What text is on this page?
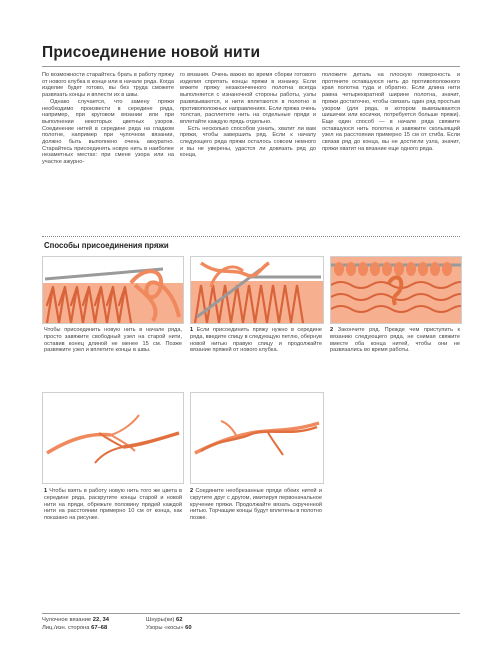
Присоединение новой нити

По возможности старайтесь брать в работу пряжу от нового клубка в конце или в начале ряда. Когда изделие будет готово, вы без труда сможете развязать концы и вплести их в швы.

Однако случается, что замену пряжи необходимо произвести в середине ряда, например, при круговом вязании или при выполнении некоторых цветных узоров. Соединение нитей в середине ряда на гладком полотне, например при чулочном вязании, должно быть выполнено очень аккуратно. Старайтесь присоединять новую нить в наиболее незаметных местах: при смене узора или на участке ажурно-

го вязания. Очень важно во время сборки готового изделия спрятать концы пряжи в изнанку. Если вяжете пряжу незаконченного полотна всегда выполняется с изнаночной стороны работы, узлы развязываются, и нити вплетаются в полотно в противоположных направлениях. Если пряжа очень толстая, расплетите нить на отдельные пряди и вплетайте каждую прядь отдельно.

Есть несколько способов узнать, хватит ли вам пряжи, чтобы завершить ряд. Если к началу следующего ряда пряжи осталось совсем немного и вы не уверены, удастся ли довязать ряд до конца,

положите деталь на плоскую поверхность и протяните оставшуюся нить до противоположного края полотна туда и обратно. Если длина нити равна четырехкратной ширине полотна, значит, пряжи достаточно, чтобы связать один ряд простым узором (для ряда, в котором вывязываются шишечки или косички, потребуется больше пряжи). Еще один способ — в начале ряда свяжите оставшуюся нить полотна и завяжите скользящий узел на расстоянии примерно 15 см от стиба. Если связав ряд до конца, вы не достигли узла, значит, пряжи хватит на вязание еще одного ряда.

Способы присоединения пряжи

Чтобы присоединить новую нить в начале ряда, просто завяжите свободный узел на старой нити, оставив конец длиной не менее 15 см. Позже развяжите узел и вплетите концы в швы.

1 Если присоединить пряжу нужно в середине ряда, введите спицу в следующую петлю, обернув новой нитью правую спицу и продолжайте вязание пряжей от нового клубка.

2 Закончите ряд. Прежде чем приступить к вязанию следующего ряда, не снимая свяжите вместе оба конца нитей, чтобы они не развязались во время работы.

1 Чтобы взять в работу новую нить того же цвета в середине ряда, раскрутите концы старой и новой нити на пряди, обрежьте половину прядей каждой нити на расстоянии примерно 10 см от конца, как показано на рисунке.

2 Соедините необрезанные пряди обеих нитей и скрутите друг с другом, имитируя первоначальное кручение пряжи. Продолжайте вязать скрученной нитью. Торчащие концы будут вплетены в полотно позже.

Чулочное вязание 22, 34
Лиц./изн. сторона 67–68
Шнуры(ки) 62
Узоры «косы» 60
